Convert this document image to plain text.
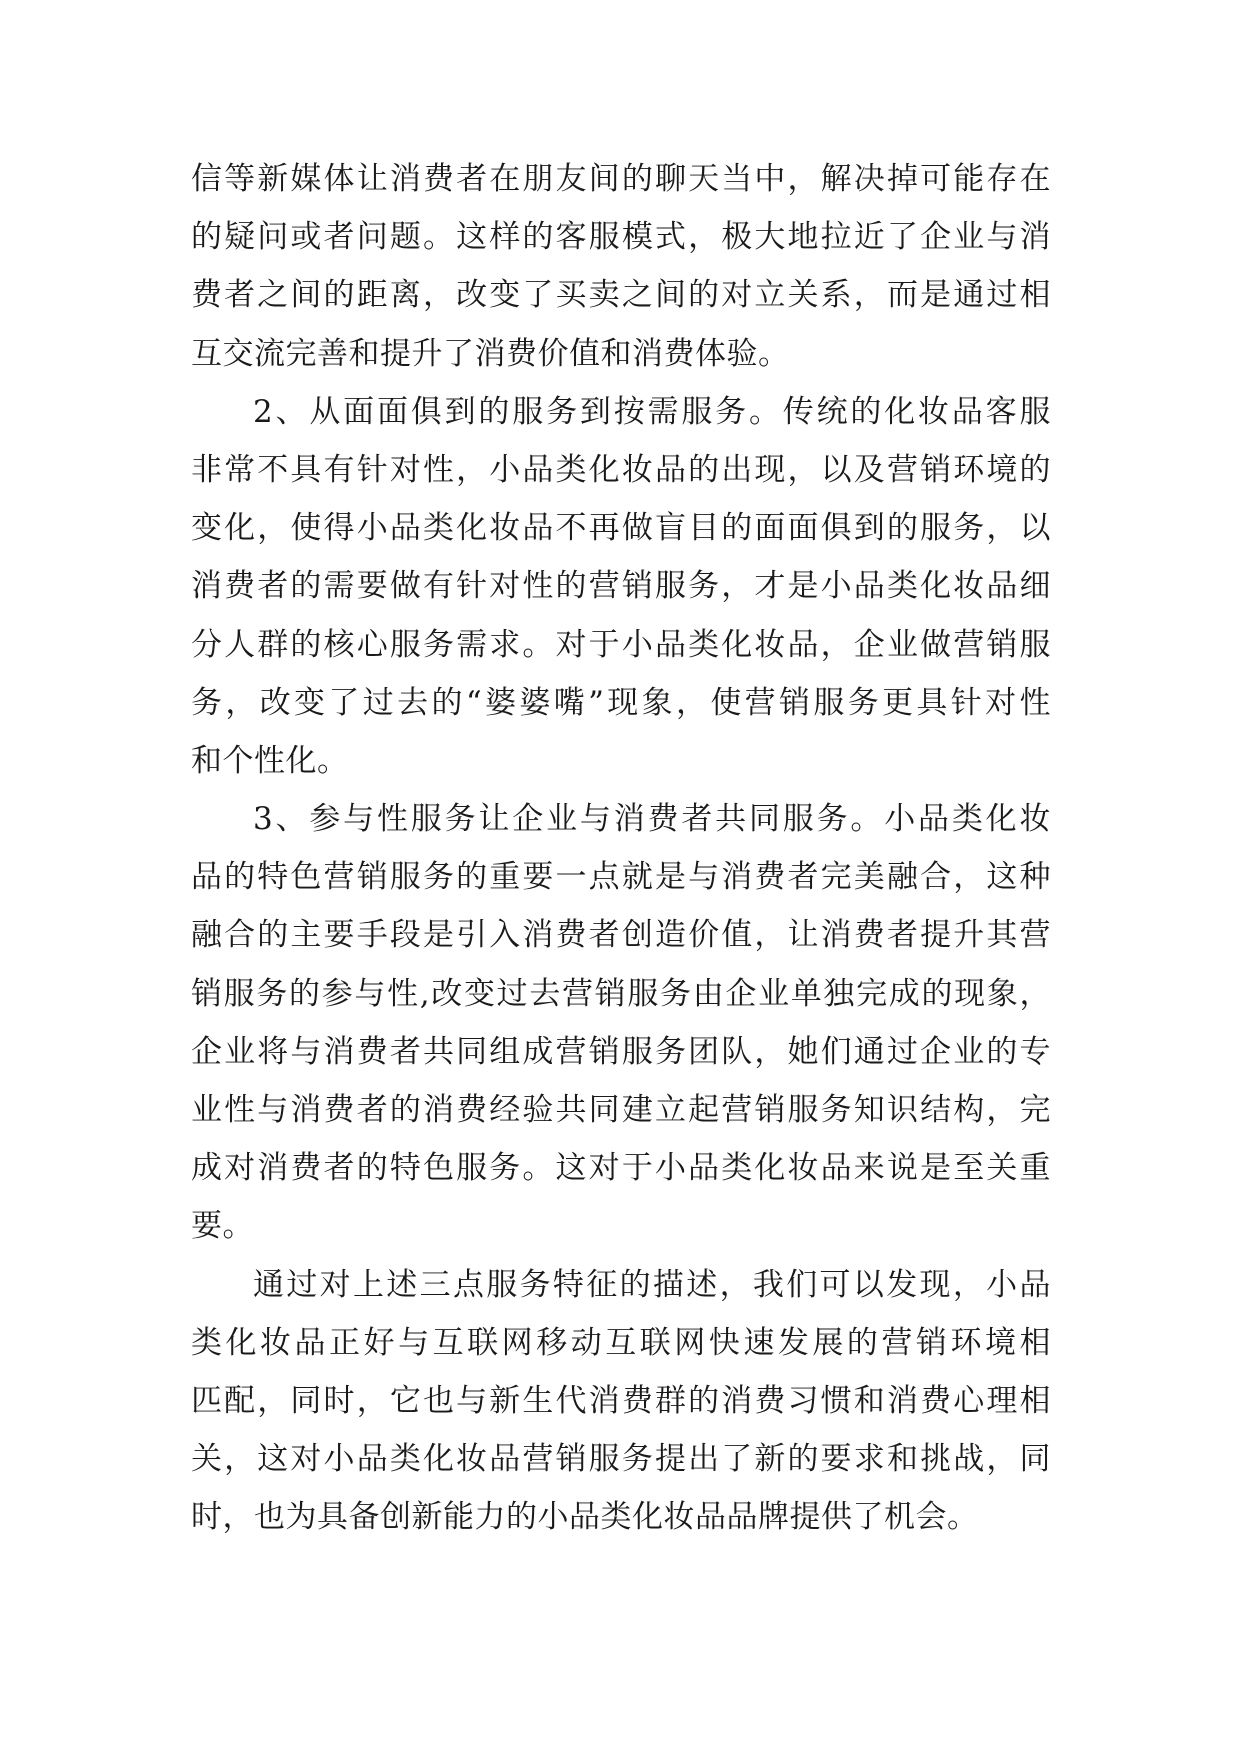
信等新媒体让消费者在朋友间的聊天当中，解决掉可能存在
的疑问或者问题。这样的客服模式，极大地拉近了企业与消
费者之间的距离，改变了买卖之间的对立关系，而是通过相
互交流完善和提升了消费价值和消费体验。
2、从面面俱到的服务到按需服务。传统的化妆品客服
非常不具有针对性，小品类化妆品的出现，以及营销环境的
变化，使得小品类化妆品不再做盲目的面面俱到的服务，以
消费者的需要做有针对性的营销服务，才是小品类化妆品细
分人群的核心服务需求。对于小品类化妆品，企业做营销服
务，改变了过去的“婆婆嘴”现象，使营销服务更具针对性
和个性化。
3、参与性服务让企业与消费者共同服务。小品类化妆
品的特色营销服务的重要一点就是与消费者完美融合，这种
融合的主要手段是引入消费者创造价值，让消费者提升其营
销服务的参与性,改变过去营销服务由企业单独完成的现象，
企业将与消费者共同组成营销服务团队，她们通过企业的专
业性与消费者的消费经验共同建立起营销服务知识结构，完
成对消费者的特色服务。这对于小品类化妆品来说是至关重
要。
通过对上述三点服务特征的描述，我们可以发现，小品
类化妆品正好与互联网移动互联网快速发展的营销环境相
匹配，同时，它也与新生代消费群的消费习惯和消费心理相
关，这对小品类化妆品营销服务提出了新的要求和挑战，同
时，也为具备创新能力的小品类化妆品品牌提供了机会。
